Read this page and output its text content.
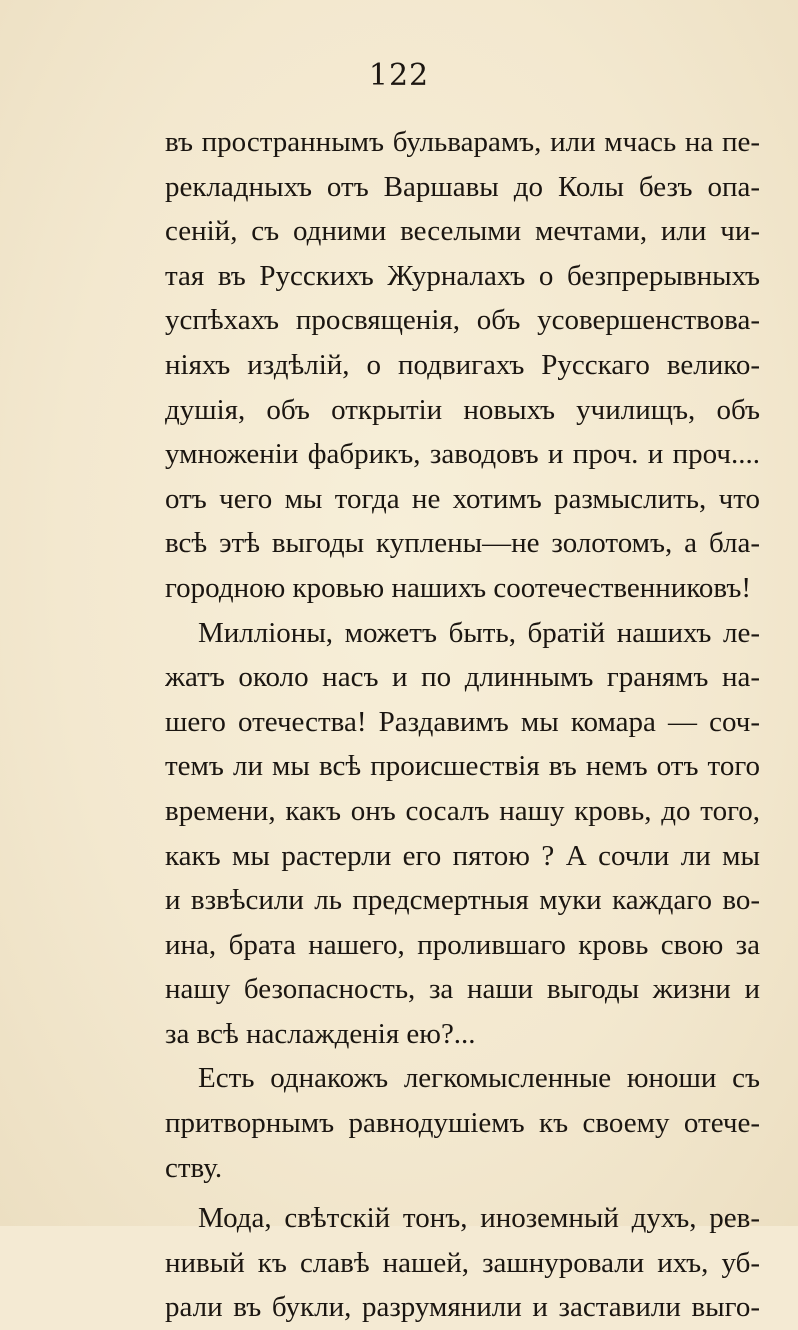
122
въ пространнымъ бульварамъ, или мчась на пе-
рекладныхъ отъ Варшавы до Колы безъ опа-
сеній, съ одними веселыми мечтами, или чи-
тая въ Русскихъ Журналахъ о безпрерывныхъ
успѣхахъ просвященія, объ усовершенствова-
ніяхъ издѣлій, о подвигахъ Русскаго велико-
душія, объ открытіи новыхъ училищъ, объ
умноженіи фабрикъ, заводовъ и проч. и проч....
отъ чего мы тогда не хотимъ размыслить, что
всѣ этѣ выгоды куплены—не золотомъ, а бла-
городною кровью нашихъ соотечественниковъ!
Милліоны, можетъ быть, братій нашихъ ле-
жатъ около насъ и по длиннымъ гранямъ на-
шего отечества! Раздавимъ мы комара — соч-
темъ ли мы всѣ происшествія въ немъ отъ того
времени, какъ онъ сосалъ нашу кровь, до того,
какъ мы растерли его пятою ? А сочли ли мы
и взвѣсили ль предсмертныя муки каждаго во-
ина, брата нашего, пролившаго кровь свою за
нашу безопасность, за наши выгоды жизни и
за всѣ наслажденія ею?...
Есть однакожъ легкомысленные юноши съ
притворнымъ равнодушіемъ къ своему отече-
ству.
Мода, свѣтскій тонъ, иноземный духъ, рев-
нивый къ славѣ нашей, зашнуровали ихъ, уб-
рали въ букли, разрумянили и заставили выго-
